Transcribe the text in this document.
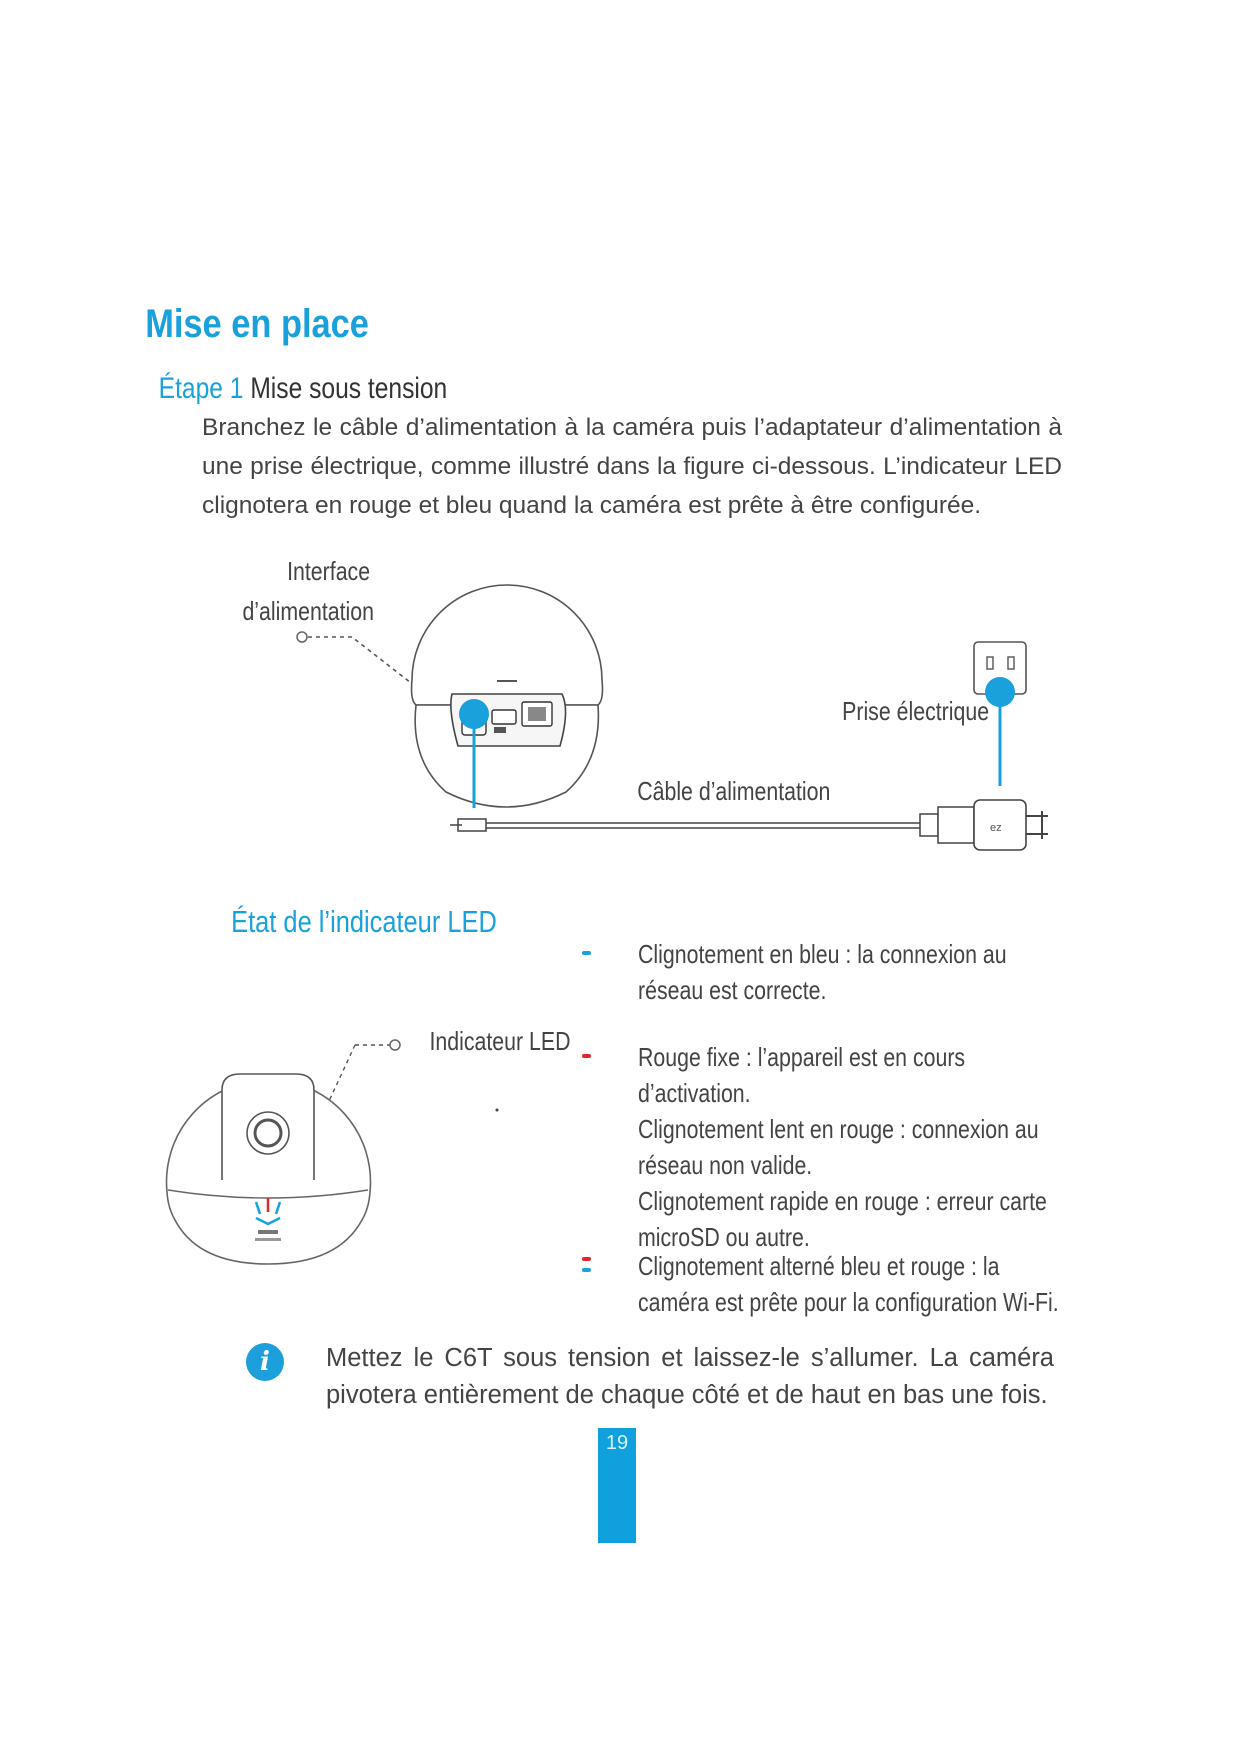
Mise en place
Étape 1 Mise sous tension
Branchez le câble d’alimentation à la caméra puis l’adaptateur d’alimentation à une prise électrique, comme illustré dans la figure ci-dessous. L’indicateur LED clignotera en rouge et bleu quand la caméra est prête à être configurée.
ez
Interface
d’alimentation
Prise électrique
Câble d’alimentation
État de l’indicateur LED
Indicateur LED

Clignotement en bleu : la connexion au réseau est correcte.

Rouge fixe : l’appareil est en cours d’activation.

Clignotement lent en rouge : connexion au réseau non valide.

Clignotement rapide en rouge : erreur carte microSD ou autre.

Clignotement alterné bleu et rouge : la caméra est prête pour la configuration Wi-Fi.

i	Mettez le C6T sous tension et laissez-le s’allumer. La caméra pivotera entièrement de chaque côté et de haut en bas une fois.
19
